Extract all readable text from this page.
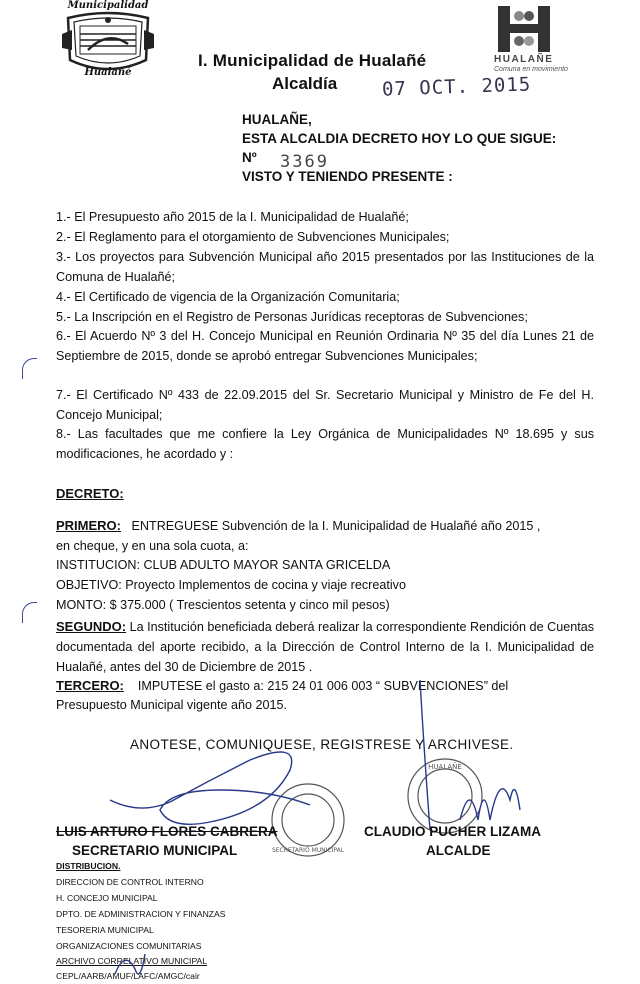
Municipalidad
Hualañé
I. Municipalidad de Hualañé
Alcaldía 07 OCT. 2015
HUALAÑE
Comuna en movimiento
HUALAÑE,
ESTA ALCALDIA DECRETO HOY LO QUE SIGUE:
Nº 3369
VISTO Y TENIENDO PRESENTE :
1.- El Presupuesto año 2015 de la I. Municipalidad de Hualañé;
2.- El Reglamento para el otorgamiento de Subvenciones Municipales;
3.- Los proyectos para Subvención Municipal año 2015 presentados por las Instituciones de la Comuna de Hualañé;
4.- El Certificado de vigencia de la Organización Comunitaria;
5.- La Inscripción en el Registro de Personas Jurídicas receptoras de Subvenciones;
6.- El Acuerdo Nº 3 del H. Concejo Municipal en Reunión Ordinaria Nº 35 del día Lunes 21 de Septiembre de 2015, donde se aprobó entregar Subvenciones Municipales;
7.- El Certificado Nº 433 de 22.09.2015 del Sr. Secretario Municipal y Ministro de Fe del H. Concejo Municipal;
8.- Las facultades que me confiere la Ley Orgánica de Municipalidades Nº 18.695 y sus modificaciones, he acordado y :
DECRETO:
PRIMERO: ENTREGUESE Subvención de la I. Municipalidad de Hualañé año 2015 ,
en cheque, y en una sola cuota, a:
INSTITUCION: CLUB ADULTO MAYOR SANTA GRICELDA
OBJETIVO: Proyecto Implementos de cocina y viaje recreativo
MONTO: $ 375.000 ( Trescientos setenta y cinco mil pesos)
SEGUNDO: La Institución beneficiada deberá realizar la correspondiente Rendición de Cuentas documentada del aporte recibido, a la Dirección de Control Interno de la I. Municipalidad de Hualañé, antes del 30 de Diciembre de 2015 .
TERCERO: IMPUTESE el gasto a: 215 24 01 006 003 “ SUBVENCIONES” del
Presupuesto Municipal vigente año 2015.
ANOTESE, COMUNIQUESE, REGISTRESE Y ARCHIVESE.
SECRETARIO MUNICIPAL
HUALAÑE
LUIS ARTURO FLORES CABRERA
SECRETARIO MUNICIPAL
CLAUDIO PUCHER LIZAMA
ALCALDE
DISTRIBUCION.
DIRECCION DE CONTROL INTERNO
H. CONCEJO MUNICIPAL
DPTO. DE ADMINISTRACION Y FINANZAS
TESORERIA MUNICIPAL
ORGANIZACIONES COMUNITARIAS
ARCHIVO CORRELATIVO MUNICIPAL
CEPL/AARB/AMUF/LAFC/AMGC/cair
